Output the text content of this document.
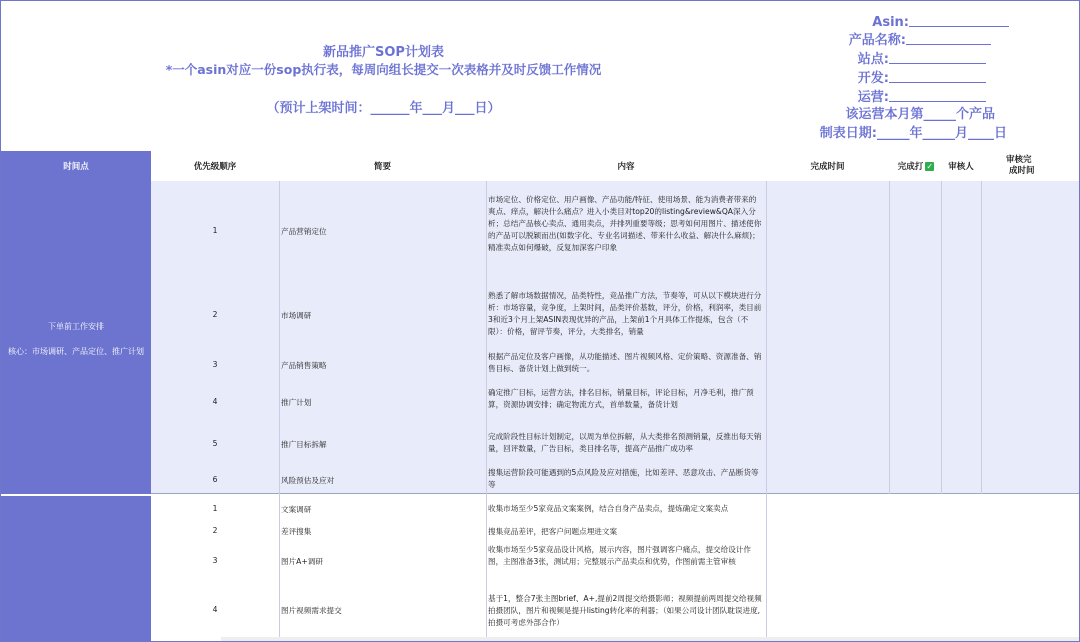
新品推广SOP计划表
*一个asin对应一份sop执行表，每周向组长提交一次表格并及时反馈工作情况
（预计上架时间：______年___月___日）
Asin:
产品名称:
站点:
开发:
运营:
该运营本月第_____个产品
制表日期:_____年_____月____日
时间点	优先级顺序	简要	内容	完成时间	完成打 ✓	审核人
审核完
成时间
下单前工作安排
核心：市场调研、产品定位、推广计划
1	产品营销定位
市场定位、价格定位、用户画像、产品功能/特征、使用场景、能为消费者带来的爽点、痒点，解决什么痛点？进入小类目对top20的listing&review&QA深入分析；总结产品核心卖点、通用卖点，并排列重要等级；思考如何用图片、描述使你的产品可以脱颖而出(如数字化、专业名词描述、带来什么收益、解决什么麻烦)；精准卖点如何爆破，反复加深客户印象
2	市场调研
熟悉了解市场数据情况，品类特性，竞品推广方法，节奏等，可从以下模块进行分析：市场容量，竞争度，上架时间，品类评价基数，评分，价格，利润率，类目前3和近3个月上架ASIN表现优异的产品，上架前1个月具体工作提炼，包含（不限）：价格，留评节奏，评分，大类排名，销量
3	产品销售策略
根据产品定位及客户画像，从功能描述、图片视频风格、定价策略、资源准备、销售目标、备货计划上做到统一。
4	推广计划
确定推广目标，运营方法，排名目标，销量目标，评论目标，月净毛利，推广预算，资源协调安排；确定物流方式，首单数量，备货计划
5	推广目标拆解
完成阶段性目标计划制定，以周为单位拆解，从大类排名预测销量，反推出每天销量，回评数量，广告目标，类目排名等，提高产品推广成功率
6	风险预估及应对
搜集运营阶段可能遇到的5点风险及应对措施，比如差评、恶意攻击、产品断货等等
1	文案调研	收集市场至少5家竞品文案案例，结合自身产品卖点，提炼确定文案卖点
2	差评搜集	搜集竞品差评，把客户问题点埋进文案
3	图片A+调研
收集市场至少5家竞品设计风格，展示内容，图片强调客户痛点，提交给设计作图，主图准备3张，测试用；完整展示产品卖点和优势，作图前需主管审核
4	图片视频需求提交
基于1，整合7张主图brief、A+,提前2周提交给摄影师；视频提前两周提交给视频拍摄团队，图片和视频是提升listing转化率的利器；（如果公司设计团队耽误进度,拍摄可考虑外部合作）
